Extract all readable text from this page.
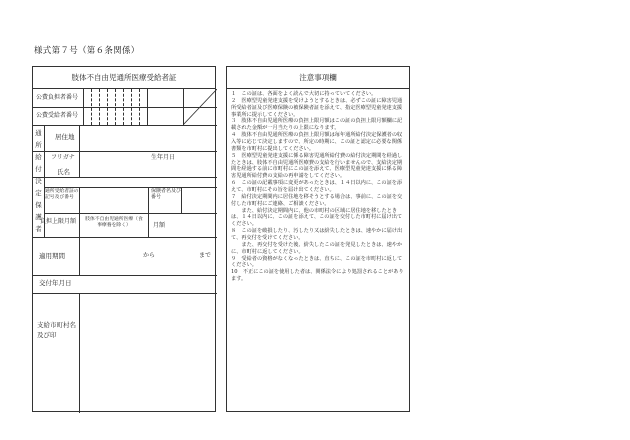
様式第７号（第６条関係）
肢体不自由児通所医療受給者証
公費負担者番号
公費受給者番号
通
所
給
付
決
定
保
護
者
居住地
フリガナ	生年月日
氏名
通所受給者証の記号及び番号
保険者名及び番号
負担上限月額	肢体不自由児通所医療（食事療養を除く）	月額
適用期間	から	まで
交付年月日
支給市町村名及び印
注意事項欄

１　この証は、各面をよく読んで大切に持っていてください。

２　医療型児童発達支援を受けようとするときは、必ずこの証に障害児通所受給者証及び医療保険の被保険者証を添えて、指定医療型児童発達支援事業所に提示してください。

３　肢体不自由児通所医療の負担上限月額はこの証の負担上限月額欄に記載された金額が一月当たりの上限になります。

４　肢体不自由児通所医療の負担上限月額は毎年通所給付決定保護者の収入等に応じて決定しますので、所定の時期に、この証と認定に必要な関係書類を市町村に提出してください。

５　医療型児童発達支援に係る障害児通所給付費の給付決定期間を経過したときは、肢体不自由児通所医療費の支給を行いませんので、支給決定期間を経過する前に市町村にこの証を添えて、医療型児童発達支援に係る障害児通所給付費の支給の再申請をしてください。

６　この証の記載事項に変更があったときは、１４日以内に、この証を添えて、市町村にその旨を届け出てください。

７　給付決定期間内に居住地を移そうとする場合は、事前に、この証を交付した市町村にご連絡、ご相談ください。

　　また、給付決定期間内に、他の市町村の区域に居住地を移したときは、１４日以内に、この証を添えて、この証を交付した市町村に届け出てください。

８　この証を破損したり、汚したり又は紛失したときは、速やかに届け出て、再交付を受けてください。

　　また、再交付を受けた後、紛失したこの証を発見したときは、速やかに、市町村に返してください。

９　受給者の資格がなくなったときは、直ちに、この証を市町村に返してください。

10　不正にこの証を使用した者は、関係法令により処罰されることがあります。
